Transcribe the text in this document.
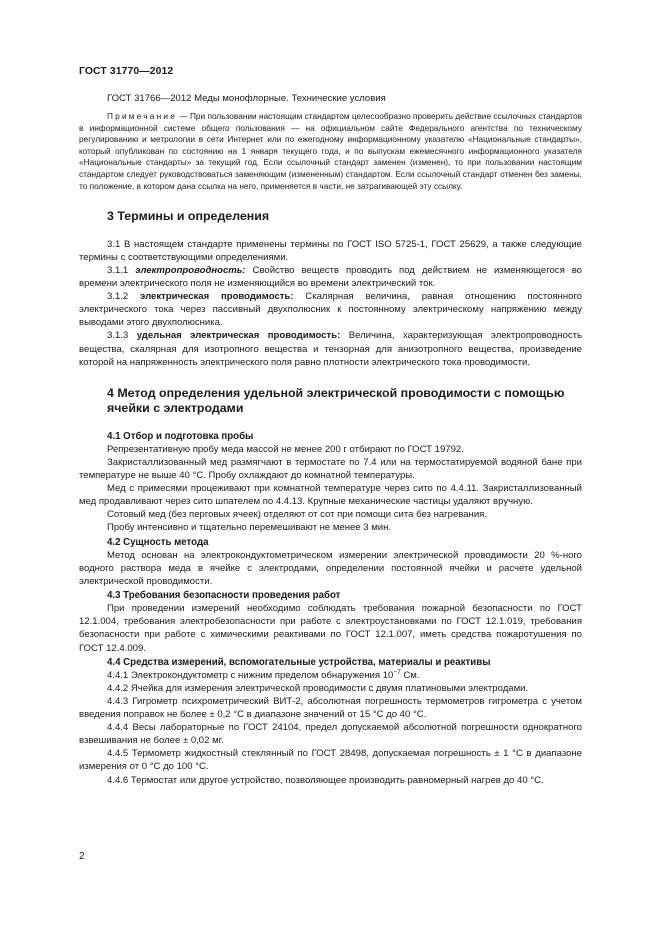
ГОСТ 31770—2012

ГОСТ 31766—2012 Меды монофлорные. Технические условия

Примечание — При пользовании настоящим стандартом целесообразно проверить действие ссылочных стандартов в информационной системе общего пользования — на официальном сайте Федерального агентства по техническому регулированию и метрологии в сети Интернет или по ежегодному информационному указателю «Национальные стандарты», который опубликован по состоянию на 1 января текущего года, и по выпускам ежемесячного информационного указателя «Национальные стандарты» за текущий год. Если ссылочный стандарт заменен (изменен), то при пользовании настоящим стандартом следует руководствоваться заменяющим (измененным) стандартом. Если ссылочный стандарт отменен без замены, то положение, в котором дана ссылка на него, применяется в части, не затрагивающей эту ссылку.

3 Термины и определения

3.1 В настоящем стандарте применены термины по ГОСТ ISO 5725-1, ГОСТ 25629, а также следующие термины с соответствующими определениями.

3.1.1 электропроводность: Свойство веществ проводить под действием не изменяющегося во времени электрического поля не изменяющийся во времени электрический ток.

3.1.2 электрическая проводимость: Скалярная величина, равная отношению постоянного электрического тока через пассивный двухполюсник к постоянному электрическому напряжению между выводами этого двухполюсника.

3.1.3 удельная электрическая проводимость: Величина, характеризующая электропроводность вещества, скалярная для изотропного вещества и тензорная для анизотропного вещества, произведение которой на напряженность электрического поля равно плотности электрического тока проводимости.

4 Метод определения удельной электрической проводимости с помощью ячейки с электродами
4.1 Отбор и подготовка пробы

Репрезентативную пробу меда массой не менее 200 г отбирают по ГОСТ 19792.

Закристаллизованный мед размягчают в термостате по 7.4 или на термостатируемой водяной бане при температуре не выше 40 °С. Пробу охлаждают до комнатной температуры.

Мед с примесями процеживают при комнатной температуре через сито по 4.4.11. Закристаллизованный мед продавливают через сито шпателем по 4.4.13. Крупные механические частицы удаляют вручную.

Сотовый мед (без перговых ячеек) отделяют от сот при помощи сита без нагревания.

Пробу интенсивно и тщательно перемешивают не менее 3 мин.

4.2 Сущность метода

Метод основан на электрокондуктометрическом измерении электрической проводимости 20 %-ного водного раствора меда в ячейке с электродами, определении постоянной ячейки и расчете удельной электрической проводимости.

4.3 Требования безопасности проведения работ

При проведении измерений необходимо соблюдать требования пожарной безопасности по ГОСТ 12.1.004, требования электробезопасности при работе с электроустановками по ГОСТ 12.1.019, требования безопасности при работе с химическими реактивами по ГОСТ 12.1.007, иметь средства пожаротушения по ГОСТ 12.4.009.

4.4 Средства измерений, вспомогательные устройства, материалы и реактивы

4.4.1 Электрокондуктометр с нижним пределом обнаружения $10^{-7}$ См.

4.4.2 Ячейка для измерения электрической проводимости с двумя платиновыми электродами.

4.4.3 Гигрометр психрометрический ВИТ-2, абсолютная погрешность термометров гигрометра с учетом введения поправок не более ± 0,2 °С в диапазоне значений от 15 °С до 40 °С.

4.4.4 Весы лабораторные по ГОСТ 24104, предел допускаемой абсолютной погрешности однократного взвешивания не более ± 0,02 мг.

4.4.5 Термометр жидкостный стеклянный по ГОСТ 28498, допускаемая погрешность ± 1 °С в диапазоне измерения от 0 °С до 100 °С.

4.4.6 Термостат или другое устройство, позволяющее производить равномерный нагрев до 40 °С.

2
